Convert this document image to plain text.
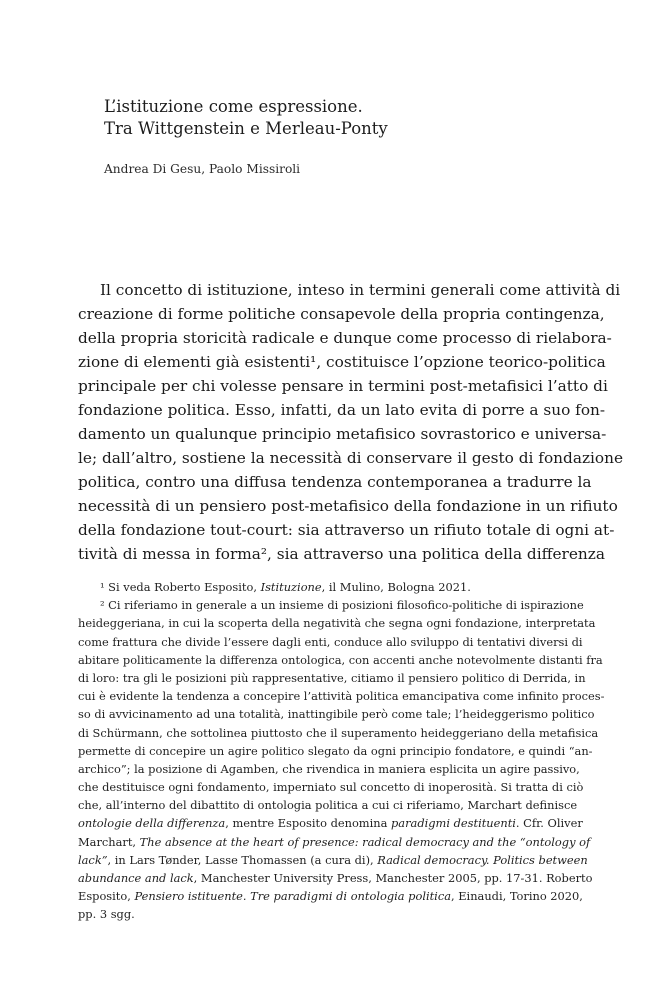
L’istituzione come espressione.

Tra Wittgenstein e Merleau-Ponty

Andrea Di Gesu, Paolo Missiroli
Il concetto di istituzione, inteso in termini generali come attività di
creazione di forme politiche consapevole della propria contingenza,
della propria storicità radicale e dunque come processo di rielabora-
zione di elementi già esistenti¹, costituisce l’opzione teorico-politica
principale per chi volesse pensare in termini post-metafisici l’atto di
fondazione politica. Esso, infatti, da un lato evita di porre a suo fon-
damento un qualunque principio metafisico sovrastorico e universa-
le; dall’altro, sostiene la necessità di conservare il gesto di fondazione
politica, contro una diffusa tendenza contemporanea a tradurre la
necessità di un pensiero post-metafisico della fondazione in un rifiuto
della fondazione tout-court: sia attraverso un rifiuto totale di ogni at-
tività di messa in forma², sia attraverso una politica della differenza
¹ Si veda Roberto Esposito, Istituzione, il Mulino, Bologna 2021.
² Ci riferiamo in generale a un insieme di posizioni filosofico-politiche di ispirazione
heideggeriana, in cui la scoperta della negatività che segna ogni fondazione, interpretata
come frattura che divide l’essere dagli enti, conduce allo sviluppo di tentativi diversi di
abitare politicamente la differenza ontologica, con accenti anche notevolmente distanti fra
di loro: tra gli le posizioni più rappresentative, citiamo il pensiero politico di Derrida, in
cui è evidente la tendenza a concepire l’attività politica emancipativa come infinito proces-
so di avvicinamento ad una totalità, inattingibile però come tale; l’heideggerismo politico
di Schürmann, che sottolinea piuttosto che il superamento heideggeriano della metafisica
permette di concepire un agire politico slegato da ogni principio fondatore, e quindi “an-
archico”; la posizione di Agamben, che rivendica in maniera esplicita un agire passivo,
che destituisce ogni fondamento, imperniato sul concetto di inoperosità. Si tratta di ciò
che, all’interno del dibattito di ontologia politica a cui ci riferiamo, Marchart definisce
ontologie della differenza, mentre Esposito denomina paradigmi destituenti. Cfr. Oliver
Marchart, The absence at the heart of presence: radical democracy and the “ontology of
lack”, in Lars Tønder, Lasse Thomassen (a cura di), Radical democracy. Politics between
abundance and lack, Manchester University Press, Manchester 2005, pp. 17-31. Roberto
Esposito, Pensiero istituente. Tre paradigmi di ontologia politica, Einaudi, Torino 2020,
pp. 3 sgg.
